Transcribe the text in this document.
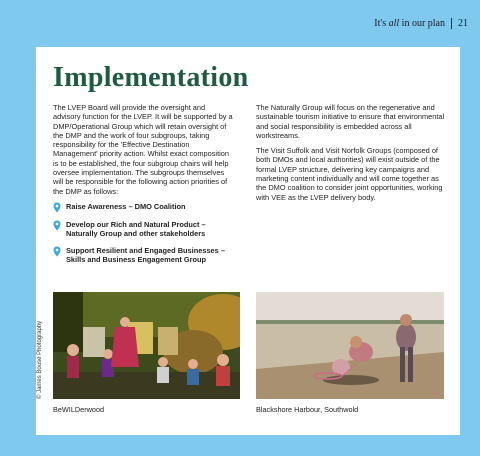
It's all in our plan 21
Implementation

The LVEP Board will provide the oversight and advisory function for the LVEP. It will be supported by a DMP/Operational Group which will retain oversight of the DMP and the work of four subgroups, taking responsibility for the 'Effective Destination Management' priority action. Whilst exact composition is to be established, the four subgroup chairs will help oversee implementation. The subgroups themselves will be responsible for the following action priorities of the DMP as follows:

Raise Awareness – DMO Coalition
Develop our Rich and Natural Product – Naturally Group and other stakeholders
Support Resilient and Engaged Businesses – Skills and Business Engagement Group

The Naturally Group will focus on the regenerative and sustainable tourism initiative to ensure that environmental and social responsibility is embedded across all workstreams.

The Visit Suffolk and Visit Norfolk Groups (composed of both DMOs and local authorities) will exist outside of the formal LVEP structure, delivering key campaigns and marketing content individually and will come together as the DMO coalition to consider joint opportunities, working with VEE as the LVEP delivery body.

BeWILDerwood	Blackshore Harbour, Southwold
© James Bouse Photography
